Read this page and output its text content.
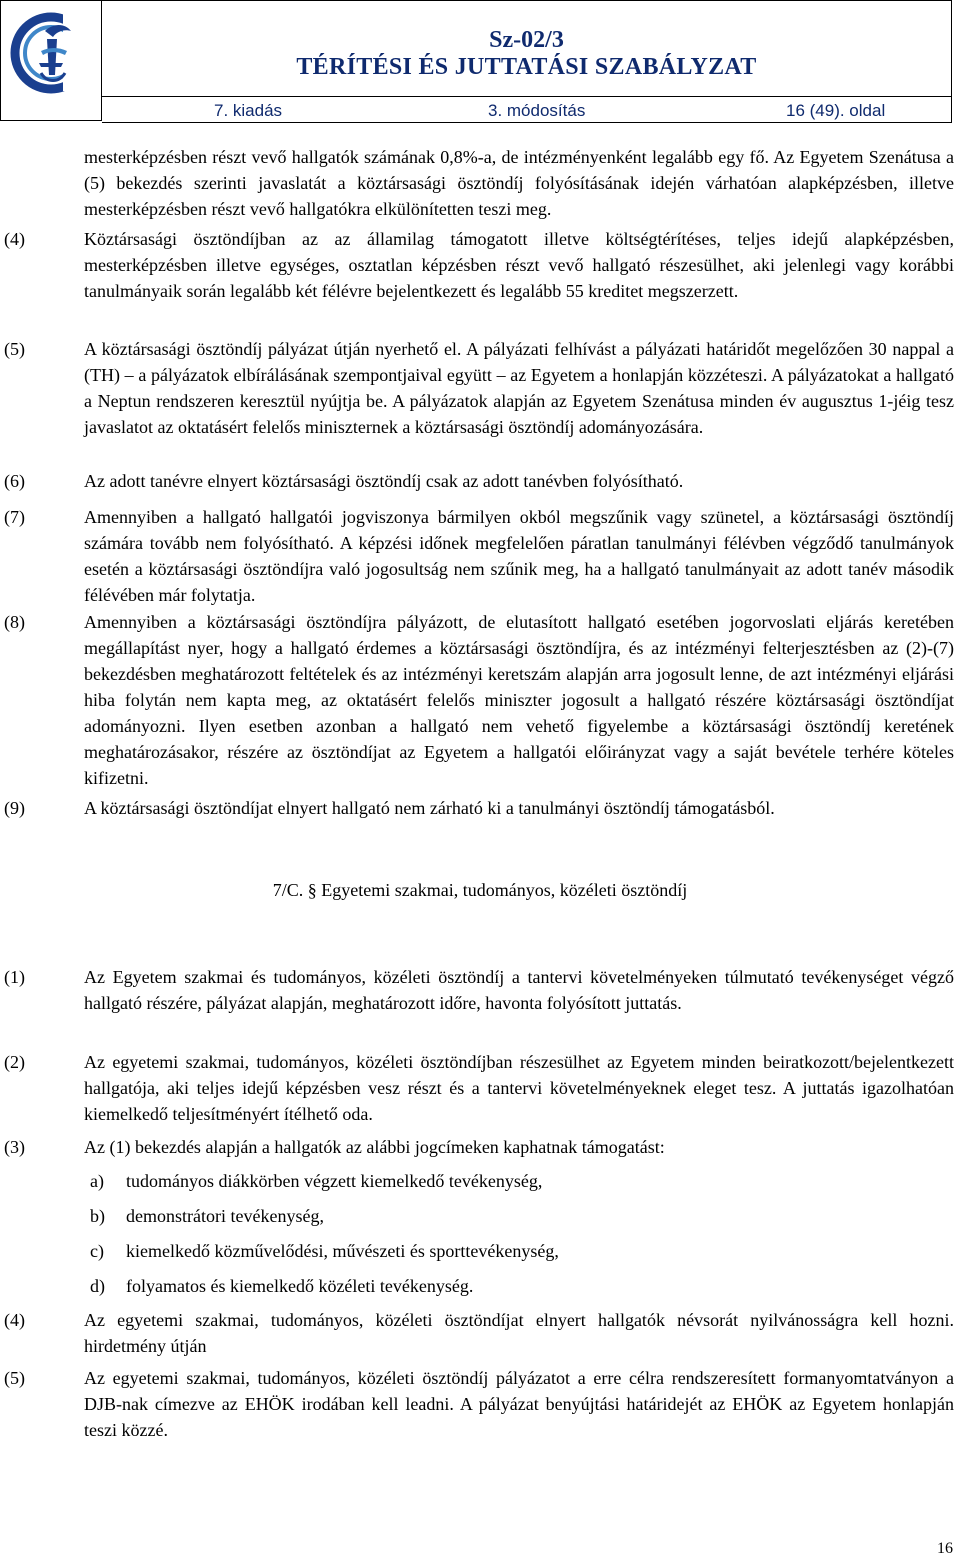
Sz-02/3
TÉRÍTÉSI ÉS JUTTATÁSI SZABÁLYZAT
7. kiadás	3. módosítás	16 (49). oldal
mesterképzésben részt vevő hallgatók számának 0,8%-a, de intézményenként legalább egy fő. Az Egyetem Szenátusa a (5) bekezdés szerinti javaslatát a köztársasági ösztöndíj folyósításának idején várhatóan alapképzésben, illetve mesterképzésben részt vevő hallgatókra elkülönítetten teszi meg.
(4)	Köztársasági ösztöndíjban az az államilag támogatott illetve költségtérítéses, teljes idejű alapképzésben, mesterképzésben illetve egységes, osztatlan képzésben részt vevő hallgató részesülhet, aki jelenlegi vagy korábbi tanulmányaik során legalább két félévre bejelentkezett és legalább 55 kreditet megszerzett.
(5)	A köztársasági ösztöndíj pályázat útján nyerhető el. A pályázati felhívást a pályázati határidőt megelőzően 30 nappal a (TH) – a pályázatok elbírálásának szempontjaival együtt – az Egyetem a honlapján közzéteszi. A pályázatokat a hallgató a Neptun rendszeren keresztül nyújtja be. A pályázatok alapján az Egyetem Szenátusa minden év augusztus 1-jéig tesz javaslatot az oktatásért felelős miniszternek a köztársasági ösztöndíj adományozására.
(6)	Az adott tanévre elnyert köztársasági ösztöndíj csak az adott tanévben folyósítható.
(7)	Amennyiben a hallgató hallgatói jogviszonya bármilyen okból megszűnik vagy szünetel, a köztársasági ösztöndíj számára tovább nem folyósítható. A képzési időnek megfelelően páratlan tanulmányi félévben végződő tanulmányok esetén a köztársasági ösztöndíjra való jogosultság nem szűnik meg, ha a hallgató tanulmányait az adott tanév második félévében már folytatja.
(8)	Amennyiben a köztársasági ösztöndíjra pályázott, de elutasított hallgató esetében jogorvoslati eljárás keretében megállapítást nyer, hogy a hallgató érdemes a köztársasági ösztöndíjra, és az intézményi felterjesztésben az (2)-(7) bekezdésben meghatározott feltételek és az intézményi keretszám alapján arra jogosult lenne, de azt intézményi eljárási hiba folytán nem kapta meg, az oktatásért felelős miniszter jogosult a hallgató részére köztársasági ösztöndíjat adományozni. Ilyen esetben azonban a hallgató nem vehető figyelembe a köztársasági ösztöndíj keretének meghatározásakor, részére az ösztöndíjat az Egyetem a hallgatói előirányzat vagy a saját bevétele terhére köteles kifizetni.
(9)	A köztársasági ösztöndíjat elnyert hallgató nem zárható ki a tanulmányi ösztöndíj támogatásból.
7/C. § Egyetemi szakmai, tudományos, közéleti ösztöndíj
(1)	Az Egyetem szakmai és tudományos, közéleti ösztöndíj a tantervi követelményeken túlmutató tevékenységet végző hallgató részére, pályázat alapján, meghatározott időre, havonta folyósított juttatás.
(2)	Az egyetemi szakmai, tudományos, közéleti ösztöndíjban részesülhet az Egyetem minden beiratkozott/bejelentkezett hallgatója, aki teljes idejű képzésben vesz részt és a tantervi követelményeknek eleget tesz. A juttatás igazolhatóan kiemelkedő teljesítményért ítélhető oda.
(3)	Az (1) bekezdés alapján a hallgatók az alábbi jogcímeken kaphatnak támogatást:
a) tudományos diákkörben végzett kiemelkedő tevékenység,
b) demonstrátori tevékenység,
c) kiemelkedő közművelődési, művészeti és sporttevékenység,
d) folyamatos és kiemelkedő közéleti tevékenység.
(4)	Az egyetemi szakmai, tudományos, közéleti ösztöndíjat elnyert hallgatók névsorát nyilvánosságra kell hozni. hirdetmény útján
(5)	Az egyetemi szakmai, tudományos, közéleti ösztöndíj pályázatot a erre célra rendszeresített formanyomtatványon a DJB-nak címezve az EHÖK irodában kell leadni. A pályázat benyújtási határidejét az EHÖK az Egyetem honlapján teszi közzé.
16
